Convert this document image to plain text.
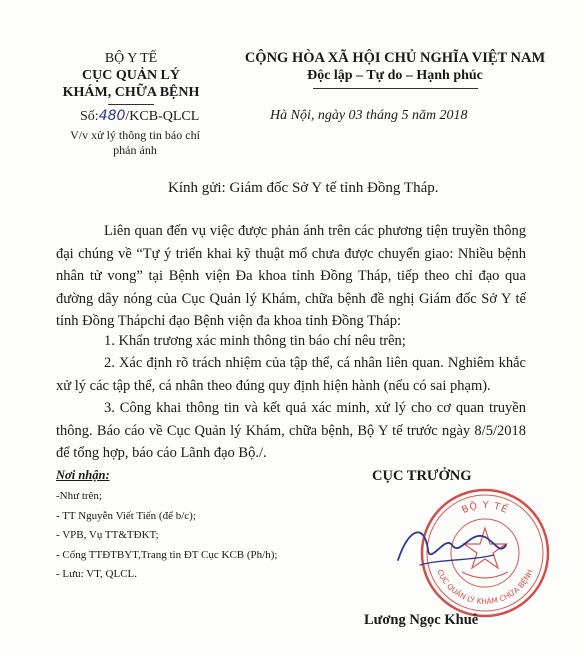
BỘ Y TẾ
CỤC QUẢN LÝ
KHÁM, CHỮA BỆNH
Số:480/KCB-QLCL
V/v xử lý thông tin báo chí
phản ánh
CỘNG HÒA XÃ HỘI CHỦ NGHĨA VIỆT NAM
Độc lập – Tự do – Hạnh phúc
Hà Nội, ngày 03 tháng 5 năm 2018
Kính gửi: Giám đốc Sở Y tế tỉnh Đồng Tháp.
Liên quan đến vụ việc được phản ánh trên các phương tiện truyền thông đại chúng về “Tự ý triển khai kỹ thuật mổ chưa được chuyển giao: Nhiều bệnh nhân tử vong” tại Bệnh viện Đa khoa tỉnh Đồng Tháp, tiếp theo chỉ đạo qua đường dây nóng của Cục Quản lý Khám, chữa bệnh đề nghị Giám đốc Sở Y tế tỉnh Đồng Thápchỉ đạo Bệnh viện đa khoa tỉnh Đồng Tháp:
1. Khẩn trương xác minh thông tin báo chí nêu trên;
2. Xác định rõ trách nhiệm của tập thể, cá nhân liên quan. Nghiêm khắc xử lý các tập thể, cá nhân theo đúng quy định hiện hành (nếu có sai phạm).
3. Công khai thông tin và kết quả xác minh, xử lý cho cơ quan truyền thông. Báo cáo về Cục Quản lý Khám, chữa bệnh, Bộ Y tế trước ngày 8/5/2018 để tổng hợp, báo cáo Lãnh đạo Bộ./.
Nơi nhận:
-Như trên;
- TT Nguyễn Viết Tiến (để b/c);
- VPB, Vụ TT&TĐKT;
- Cổng TTĐTBYT,Trang tin ĐT Cục KCB (Ph/h);
- Lưu: VT, QLCL.
CỤC TRƯỞNG
BỘ Y TẾ
CỤC QUẢN LÝ KHÁM CHỮA BỆNH
Lương Ngọc Khuê
